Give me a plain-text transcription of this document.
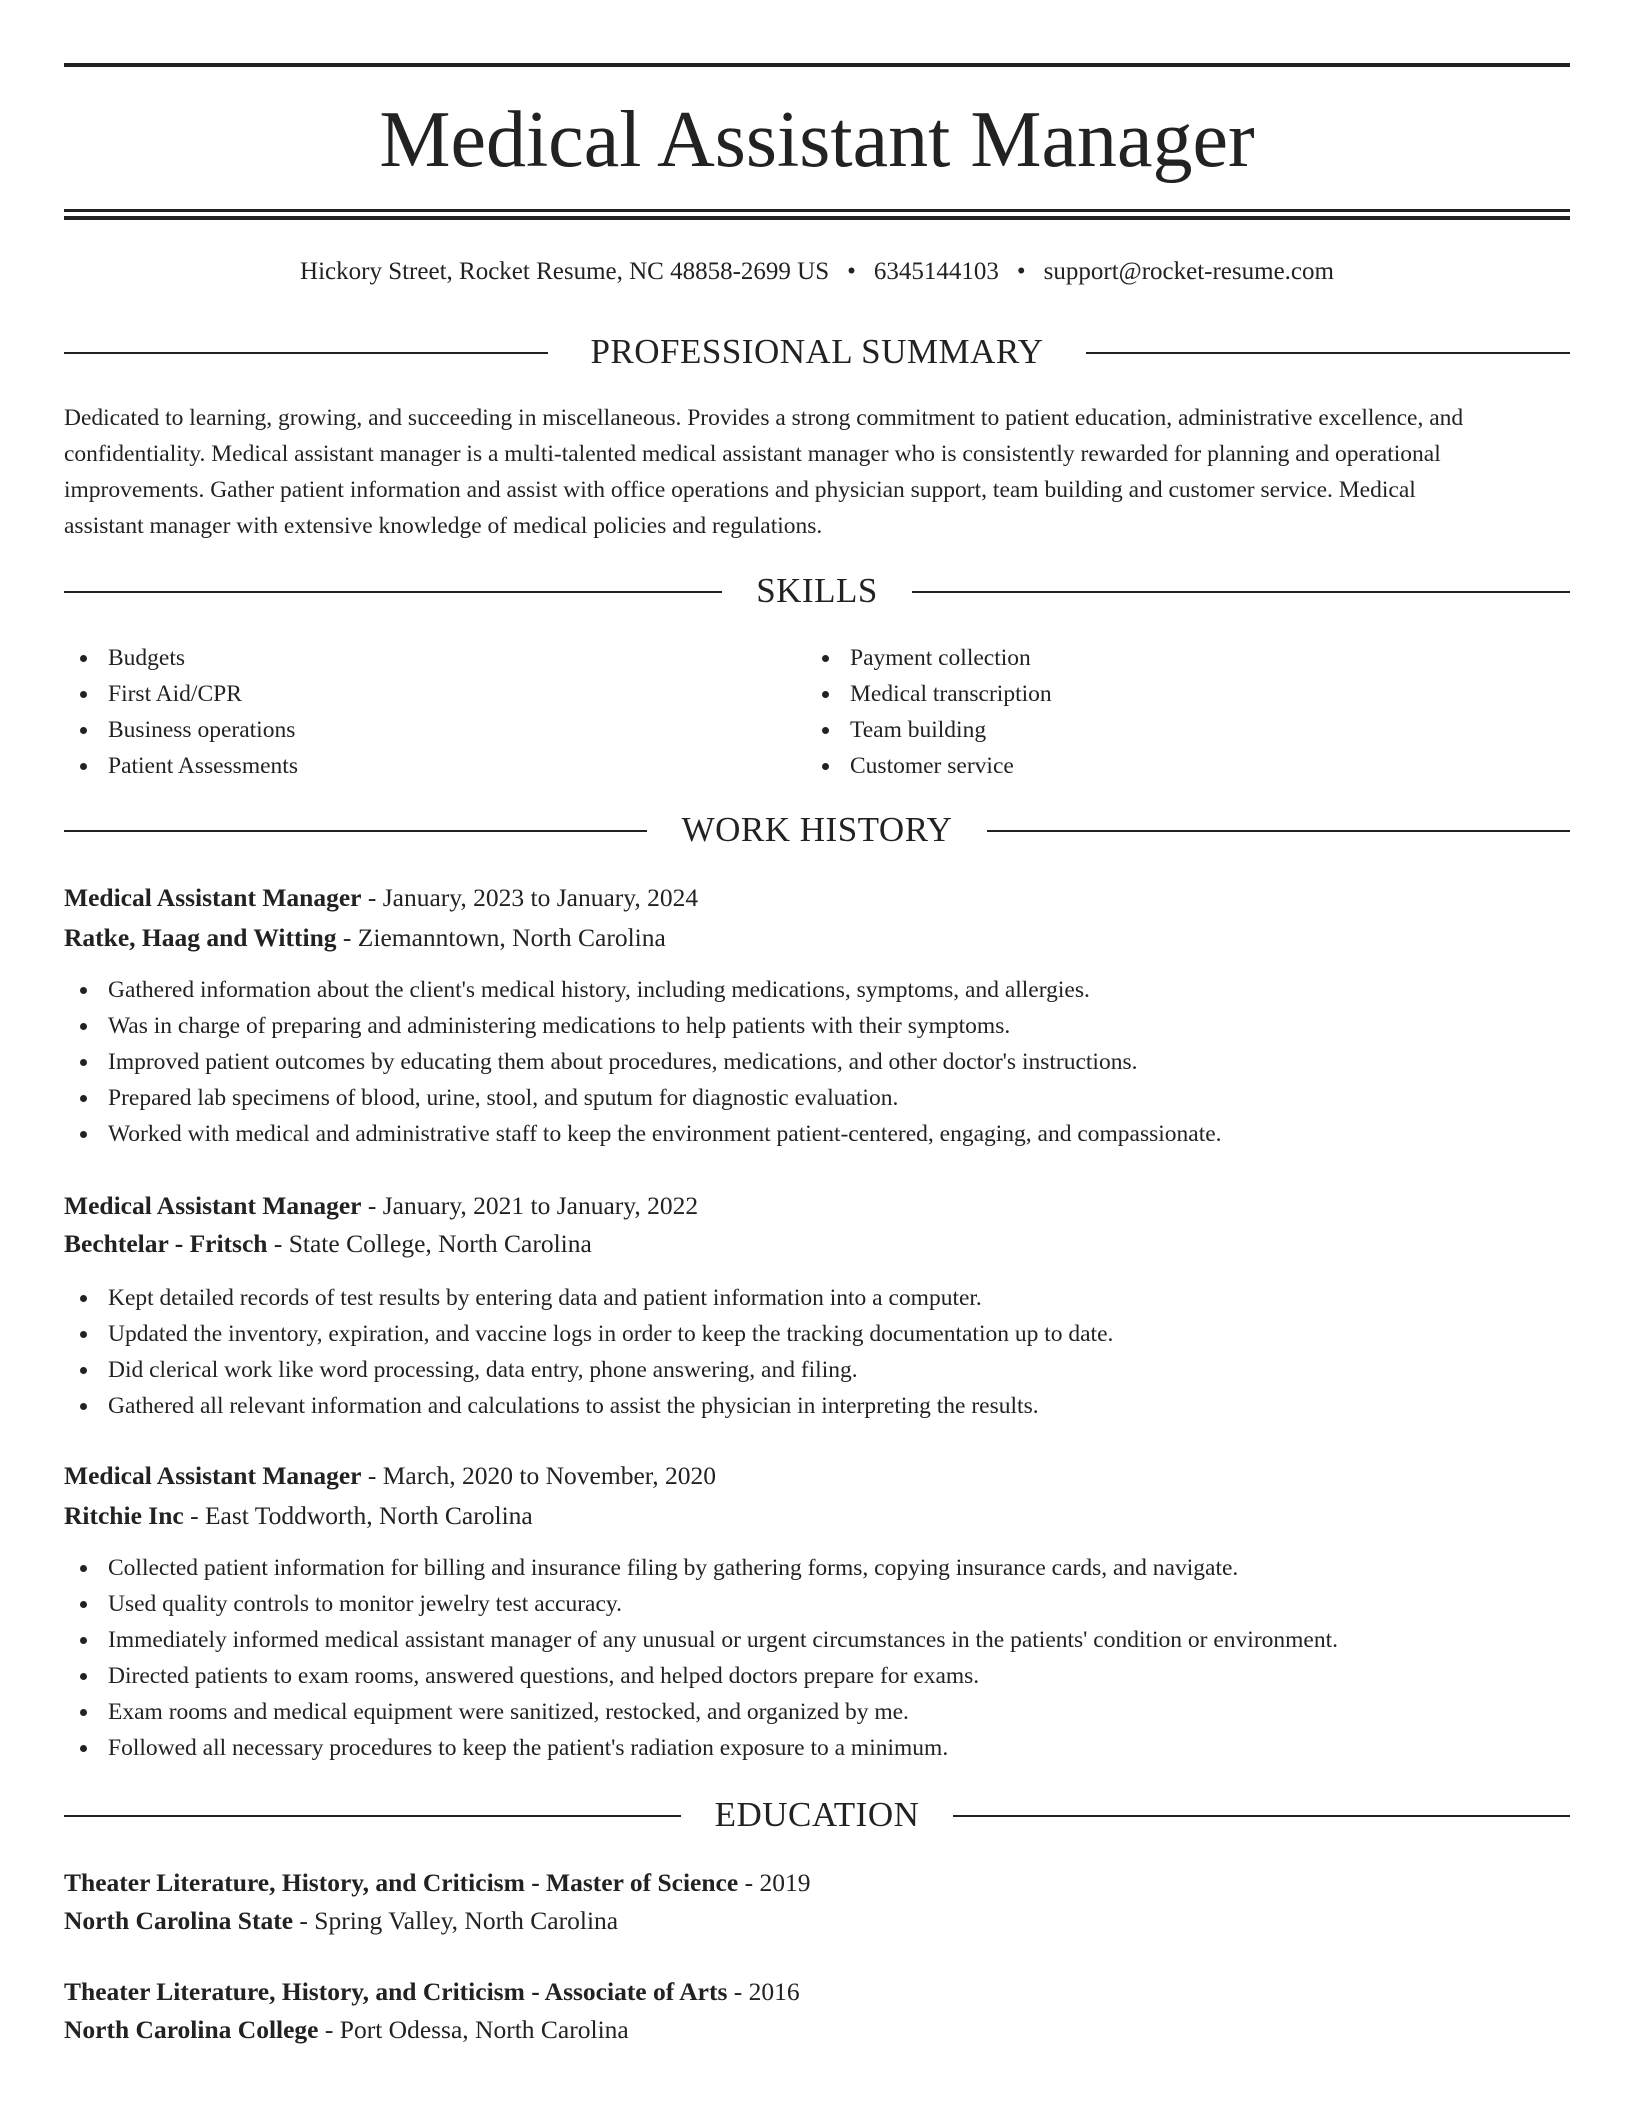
Medical Assistant Manager
Hickory Street, Rocket Resume, NC 48858-2699 US • 6345144103 • support@rocket-resume.com
PROFESSIONAL SUMMARY
Dedicated to learning, growing, and succeeding in miscellaneous. Provides a strong commitment to patient education, administrative excellence, and
confidentiality. Medical assistant manager is a multi-talented medical assistant manager who is consistently rewarded for planning and operational
improvements. Gather patient information and assist with office operations and physician support, team building and customer service. Medical
assistant manager with extensive knowledge of medical policies and regulations.
SKILLS
Budgets
First Aid/CPR
Business operations
Patient Assessments
Payment collection
Medical transcription
Team building
Customer service
WORK HISTORY
Medical Assistant Manager - January, 2023 to January, 2024
Ratke, Haag and Witting - Ziemanntown, North Carolina
Gathered information about the client's medical history, including medications, symptoms, and allergies.
Was in charge of preparing and administering medications to help patients with their symptoms.
Improved patient outcomes by educating them about procedures, medications, and other doctor's instructions.
Prepared lab specimens of blood, urine, stool, and sputum for diagnostic evaluation.
Worked with medical and administrative staff to keep the environment patient-centered, engaging, and compassionate.
Medical Assistant Manager - January, 2021 to January, 2022
Bechtelar - Fritsch - State College, North Carolina
Kept detailed records of test results by entering data and patient information into a computer.
Updated the inventory, expiration, and vaccine logs in order to keep the tracking documentation up to date.
Did clerical work like word processing, data entry, phone answering, and filing.
Gathered all relevant information and calculations to assist the physician in interpreting the results.
Medical Assistant Manager - March, 2020 to November, 2020
Ritchie Inc - East Toddworth, North Carolina
Collected patient information for billing and insurance filing by gathering forms, copying insurance cards, and navigate.
Used quality controls to monitor jewelry test accuracy.
Immediately informed medical assistant manager of any unusual or urgent circumstances in the patients' condition or environment.
Directed patients to exam rooms, answered questions, and helped doctors prepare for exams.
Exam rooms and medical equipment were sanitized, restocked, and organized by me.
Followed all necessary procedures to keep the patient's radiation exposure to a minimum.
EDUCATION
Theater Literature, History, and Criticism - Master of Science - 2019
North Carolina State - Spring Valley, North Carolina
Theater Literature, History, and Criticism - Associate of Arts - 2016
North Carolina College - Port Odessa, North Carolina
